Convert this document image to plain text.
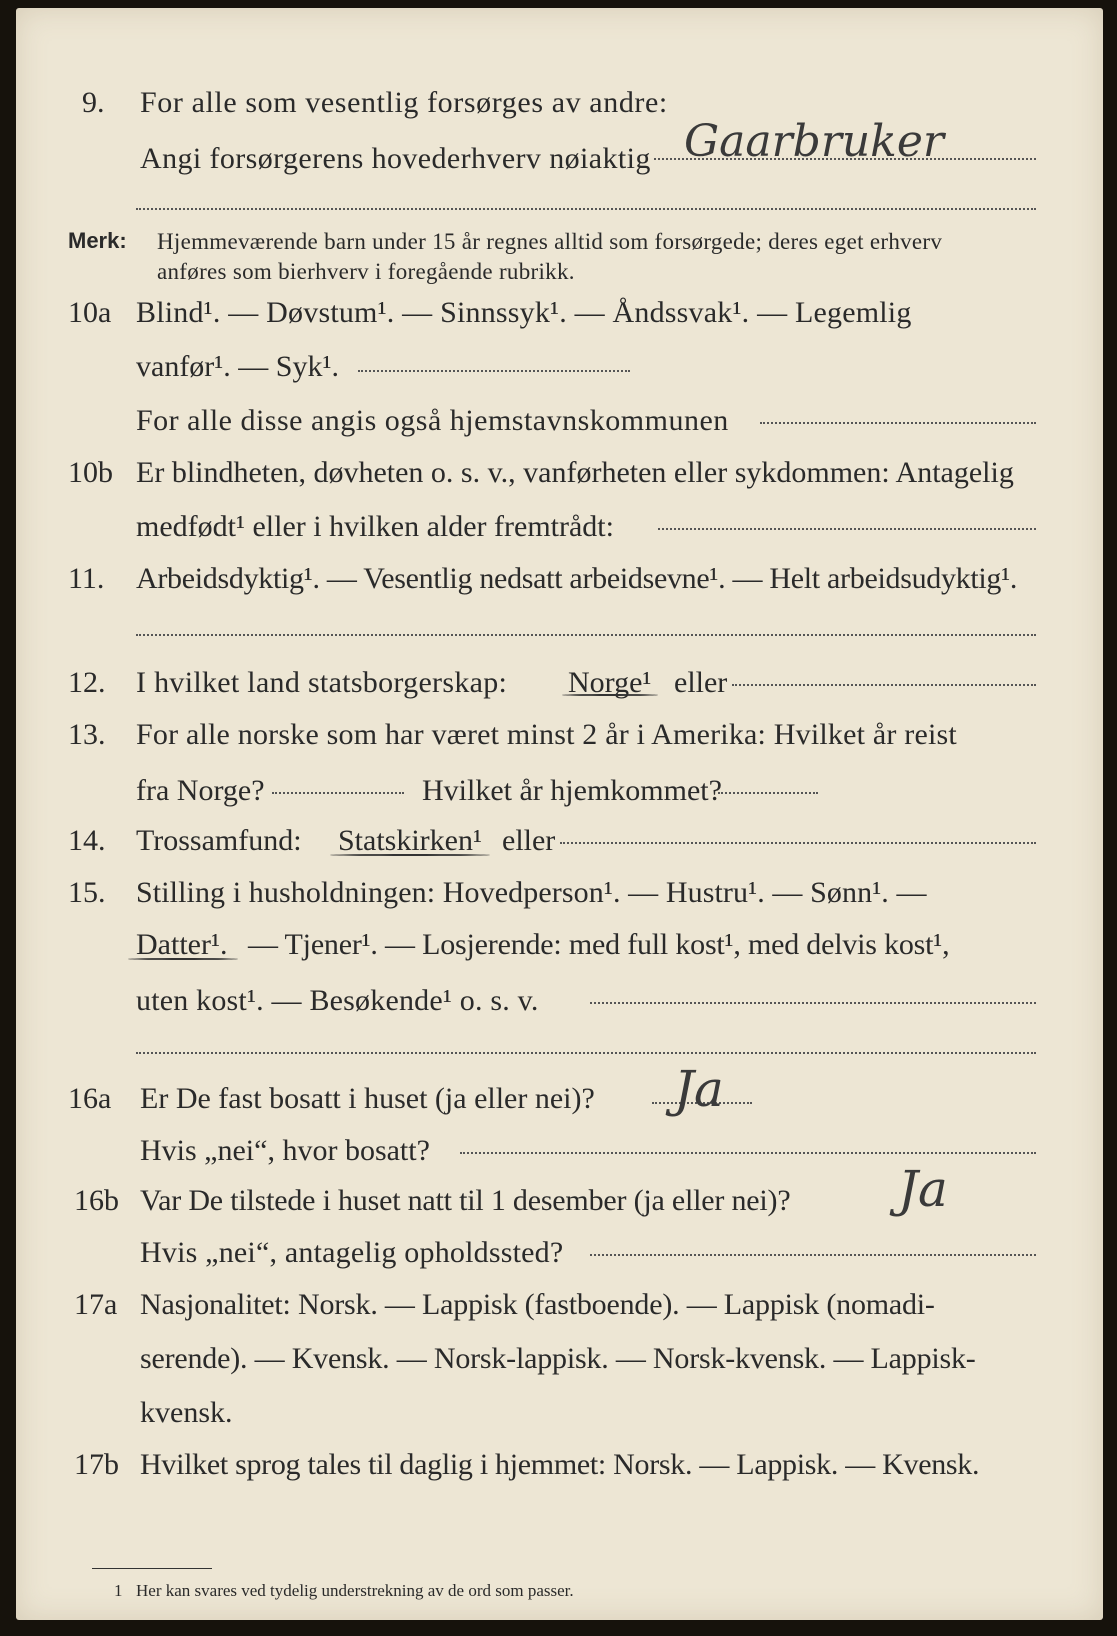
9. For alle som vesentlig forsørges av andre:
Angi forsørgerens hovederhverv nøiaktig Gaarbruker
Merk: Hjemmeværende barn under 15 år regnes alltid som forsørgede; deres eget erhverv
anføres som bierhverv i foregående rubrikk.
10a Blind¹. — Døvstum¹. — Sinnssyk¹. — Åndssvak¹. — Legemlig
vanfør¹. — Syk¹.
For alle disse angis også hjemstavnskommunen
10b Er blindheten, døvheten o. s. v., vanførheten eller sykdommen: Antagelig
medfødt¹ eller i hvilken alder fremtrådt:
11. Arbeidsdyktig¹. — Vesentlig nedsatt arbeidsevne¹. — Helt arbeidsudyktig¹.
12. I hvilket land statsborgerskap: Norge¹ eller
13. For alle norske som har været minst 2 år i Amerika: Hvilket år reist
fra Norge?	Hvilket år hjemkommet?
14. Trossamfund: Statskirken¹ eller
15. Stilling i husholdningen: Hovedperson¹. — Hustru¹. — Sønn¹. —
Datter¹. — Tjener¹. — Losjerende: med full kost¹, med delvis kost¹,
uten kost¹. — Besøkende¹ o. s. v.
16a Er De fast bosatt i huset (ja eller nei)? Ja
Hvis „nei“, hvor bosatt?
16b Var De tilstede i huset natt til 1 desember (ja eller nei)? Ja
Hvis „nei“, antagelig opholdssted?
17a Nasjonalitet: Norsk. — Lappisk (fastboende). — Lappisk (nomadi-
serende). — Kvensk. — Norsk-lappisk. — Norsk-kvensk. — Lappisk-
kvensk.
17b Hvilket sprog tales til daglig i hjemmet: Norsk. — Lappisk. — Kvensk.
1 Her kan svares ved tydelig understrekning av de ord som passer.
